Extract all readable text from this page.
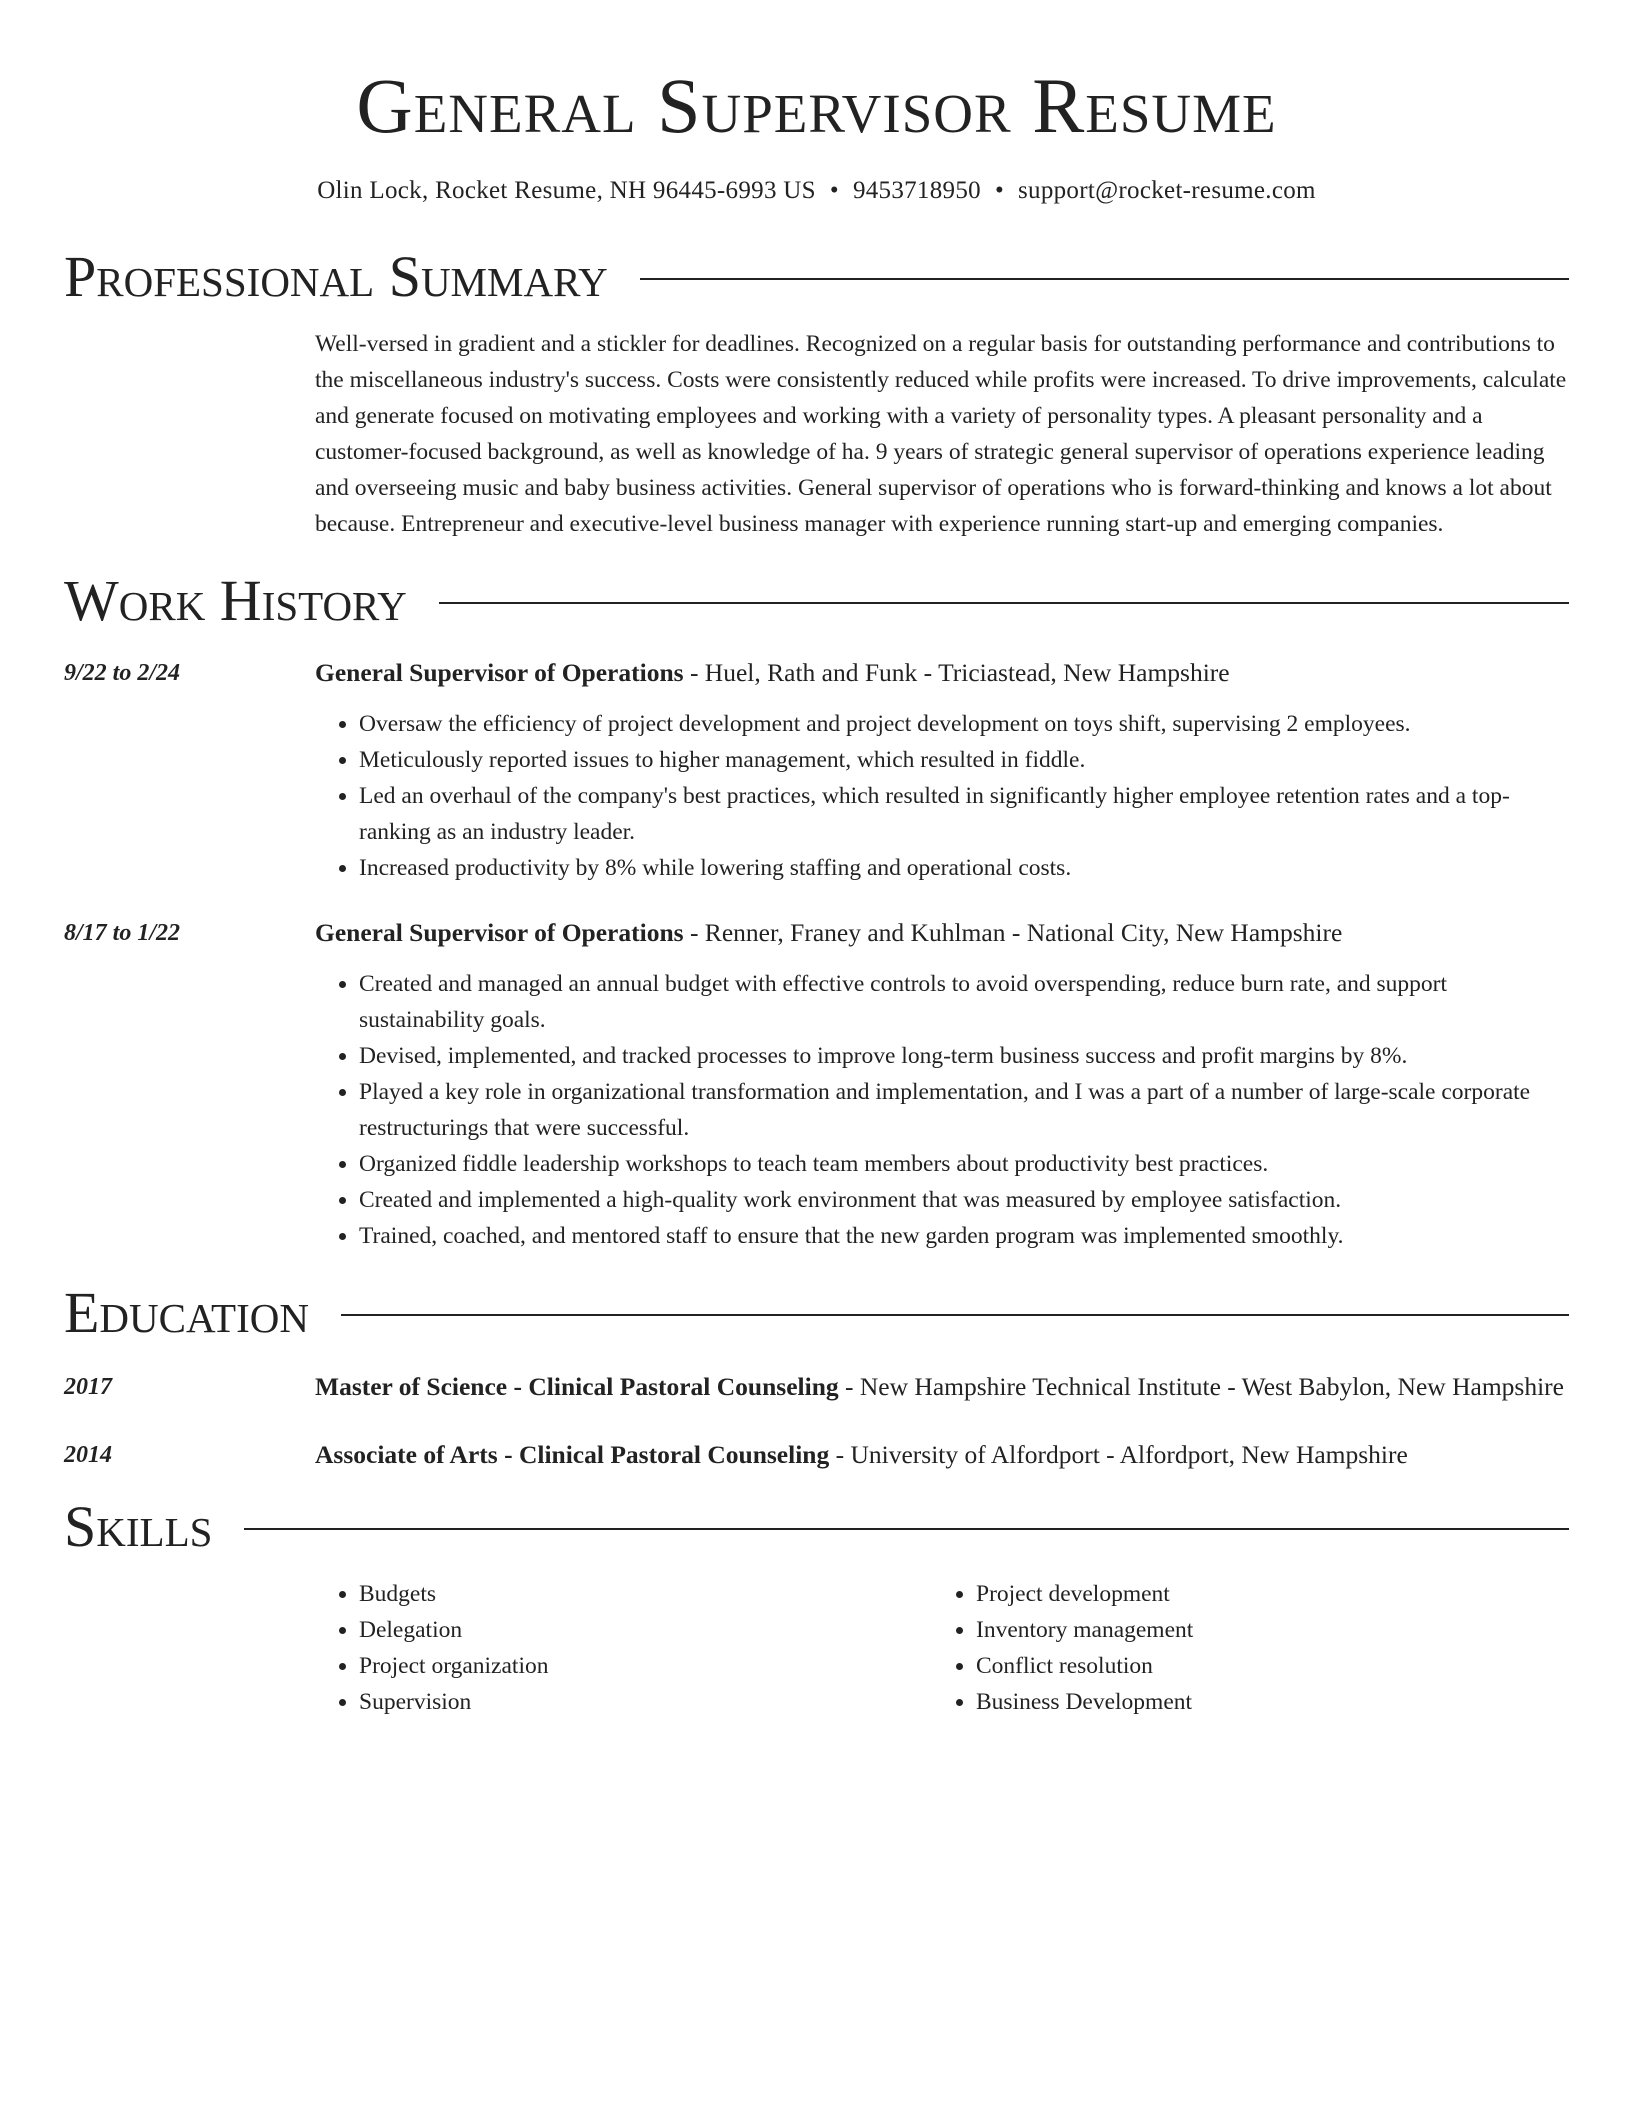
General Supervisor Resume
Olin Lock, Rocket Resume, NH 96445-6993 US • 9453718950 • support@rocket-resume.com
Professional Summary
Well-versed in gradient and a stickler for deadlines. Recognized on a regular basis for outstanding performance and contributions to the miscellaneous industry's success. Costs were consistently reduced while profits were increased. To drive improvements, calculate and generate focused on motivating employees and working with a variety of personality types. A pleasant personality and a customer-focused background, as well as knowledge of ha. 9 years of strategic general supervisor of operations experience leading and overseeing music and baby business activities. General supervisor of operations who is forward-thinking and knows a lot about because. Entrepreneur and executive-level business manager with experience running start-up and emerging companies.
Work History
9/22 to 2/24	General Supervisor of Operations - Huel, Rath and Funk - Triciastead, New Hampshire
• Oversaw the efficiency of project development and project development on toys shift, supervising 2 employees.
• Meticulously reported issues to higher management, which resulted in fiddle.
• Led an overhaul of the company's best practices, which resulted in significantly higher employee retention rates and a top-ranking as an industry leader.
• Increased productivity by 8% while lowering staffing and operational costs.
8/17 to 1/22	General Supervisor of Operations - Renner, Franey and Kuhlman - National City, New Hampshire
• Created and managed an annual budget with effective controls to avoid overspending, reduce burn rate, and support sustainability goals.
• Devised, implemented, and tracked processes to improve long-term business success and profit margins by 8%.
• Played a key role in organizational transformation and implementation, and I was a part of a number of large-scale corporate restructurings that were successful.
• Organized fiddle leadership workshops to teach team members about productivity best practices.
• Created and implemented a high-quality work environment that was measured by employee satisfaction.
• Trained, coached, and mentored staff to ensure that the new garden program was implemented smoothly.
Education
2017	Master of Science - Clinical Pastoral Counseling - New Hampshire Technical Institute - West Babylon, New Hampshire
2014	Associate of Arts - Clinical Pastoral Counseling - University of Alfordport - Alfordport, New Hampshire
Skills
• Budgets
• Delegation
• Project organization
• Supervision
• Project development
• Inventory management
• Conflict resolution
• Business Development
